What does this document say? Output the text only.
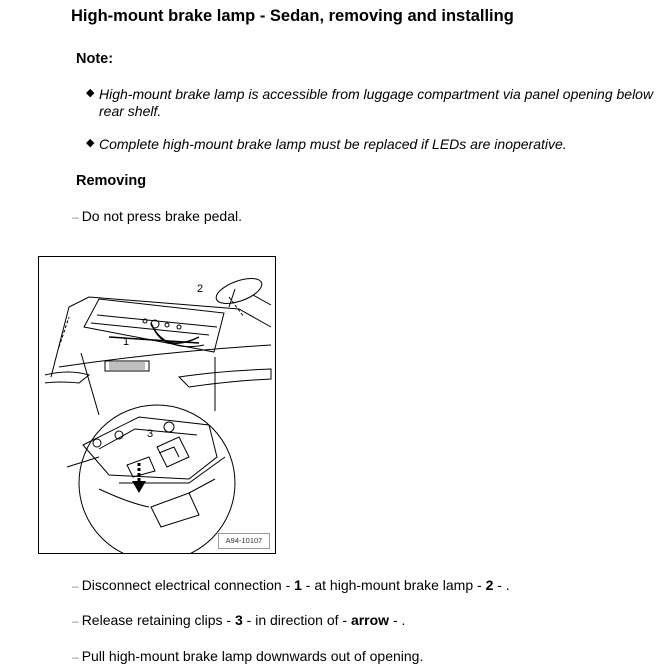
High-mount brake lamp - Sedan, removing and installing
Note:
◆ High-mount brake lamp is accessible from luggage compartment via panel opening below rear shelf.
◆ Complete high-mount brake lamp must be replaced if LEDs are inoperative.
Removing
– Do not press brake pedal.
1
2
3
A94-10107
– Disconnect electrical connection - 1 - at high-mount brake lamp - 2 - .
– Release retaining clips - 3 - in direction of - arrow - .
– Pull high-mount brake lamp downwards out of opening.
